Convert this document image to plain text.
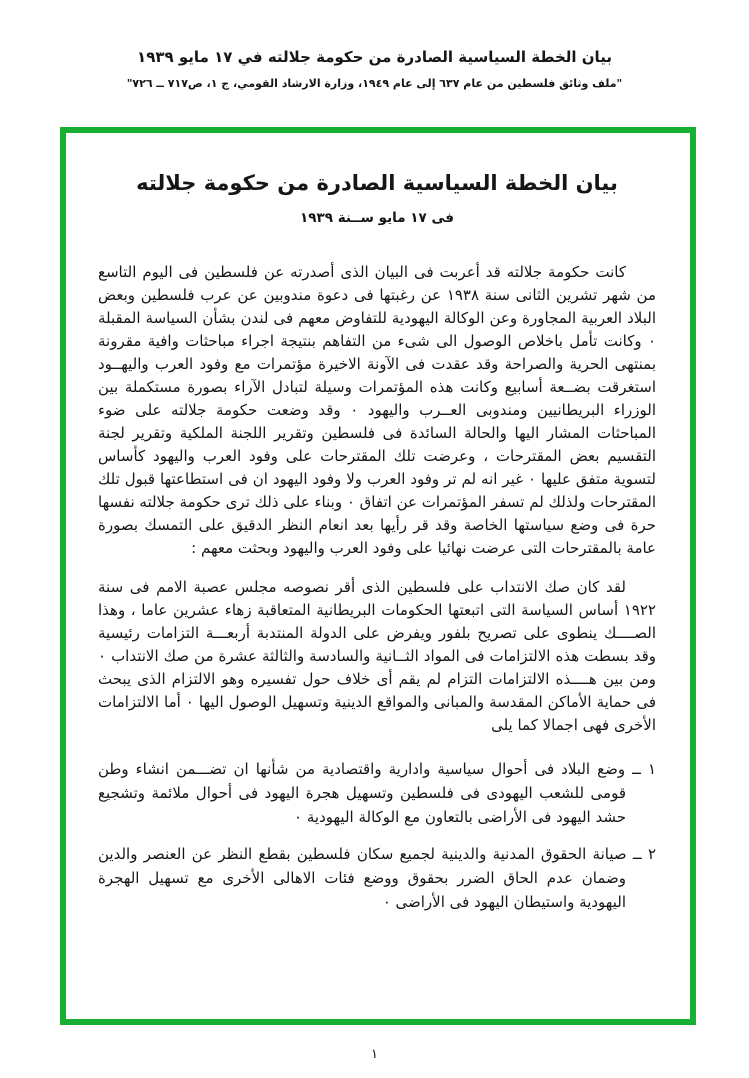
بيان الخطة السياسية الصادرة من حكومة جلالته في ١٧ مايو ١٩٣٩
"ملف وثائق فلسطين من عام ٦٣٧ إلى عام ١٩٤٩، وزارة الارشاد القومي، ج ١، ص٧١٧ ــ ٧٢٦"
بيان الخطة السياسية الصادرة من حكومة جلالته
فى ١٧ مايو ســنة ١٩٣٩

كانت حكومة جلالته قد أعربت فى البيان الذى أصدرته عن فلسطين فى اليوم التاسع من شهر تشرين الثانى سنة ١٩٣٨ عن رغبتها فى دعوة مندوبين عن عرب فلسطين وبعض البلاد العربية المجاورة وعن الوكالة اليهودية للتفاوض معهم فى لندن بشأن السياسة المقبلة ٠ وكانت تأمل باخلاص الوصول الى شىء من التفاهم بنتيجة اجراء مباحثات وافية مقرونة بمنتهى الحرية والصراحة وقد عقدت فى الآونة الاخيرة مؤتمرات مع وفود العرب واليهــود استغرقت بضــعة أسابيع وكانت هذه المؤتمرات وسيلة لتبادل الآراء بصورة مستكملة بين الوزراء البريطانيين ومندوبى العــرب واليهود ٠ وقد وضعت حكومة جلالته على ضوء المباحثات المشار اليها والحالة السائدة فى فلسطين وتقرير اللجنة الملكية وتقرير لجنة التقسيم بعض المقترحات ، وعرضت تلك المقترحات على وفود العرب واليهود كأساس لتسوية متفق عليها ٠ غير انه لم تر وفود العرب ولا وفود اليهود ان فى استطاعتها قبول تلك المقترحات ولذلك لم تسفر المؤتمرات عن اتفاق ٠ وبناء على ذلك ترى حكومة جلالته نفسها حرة فى وضع سياستها الخاصة وقد قر رأيها بعد انعام النظر الدقيق على التمسك بصورة عامة بالمقترحات التى عرضت نهائيا على وفود العرب واليهود وبحثت معهم :

لقد كان صك الانتداب على فلسطين الذى أقر نصوصه مجلس عصبة الامم فى سنة ١٩٢٢ أساس السياسة التى اتبعتها الحكومات البريطانية المتعاقبة زهاء عشرين عاما ، وهذا الصــــك ينطوى على تصريح بلفور ويفرض على الدولة المنتدبة أربعـــة التزامات رئيسية وقد بسطت هذه الالتزامات فى المواد الثــانية والسادسة والثالثة عشرة من صك الانتداب ٠ ومن بين هــــذه الالتزامات التزام لم يقم أى خلاف حول تفسيره وهو الالتزام الذى يبحث فى حماية الأماكن المقدسة والمبانى والمواقع الدينية وتسهيل الوصول اليها ٠ أما الالتزامات الأخرى فهى اجمالا كما يلى

١ ــ وضع البلاد فى أحوال سياسية وادارية واقتصادية من شأنها ان تضـــمن انشاء وطن قومى للشعب اليهودى فى فلسطين وتسهيل هجرة اليهود فى أحوال ملائمة وتشجيع حشد اليهود فى الأراضى بالتعاون مع الوكالة اليهودية ٠
٢ ــ صيانة الحقوق المدنية والدينية لجميع سكان فلسطين بقطع النظر عن العنصر والدين وضمان عدم الحاق الضرر بحقوق ووضع فئات الاهالى الأخرى مع تسهيل الهجرة اليهودية واستيطان اليهود فى الأراضى ٠
١
